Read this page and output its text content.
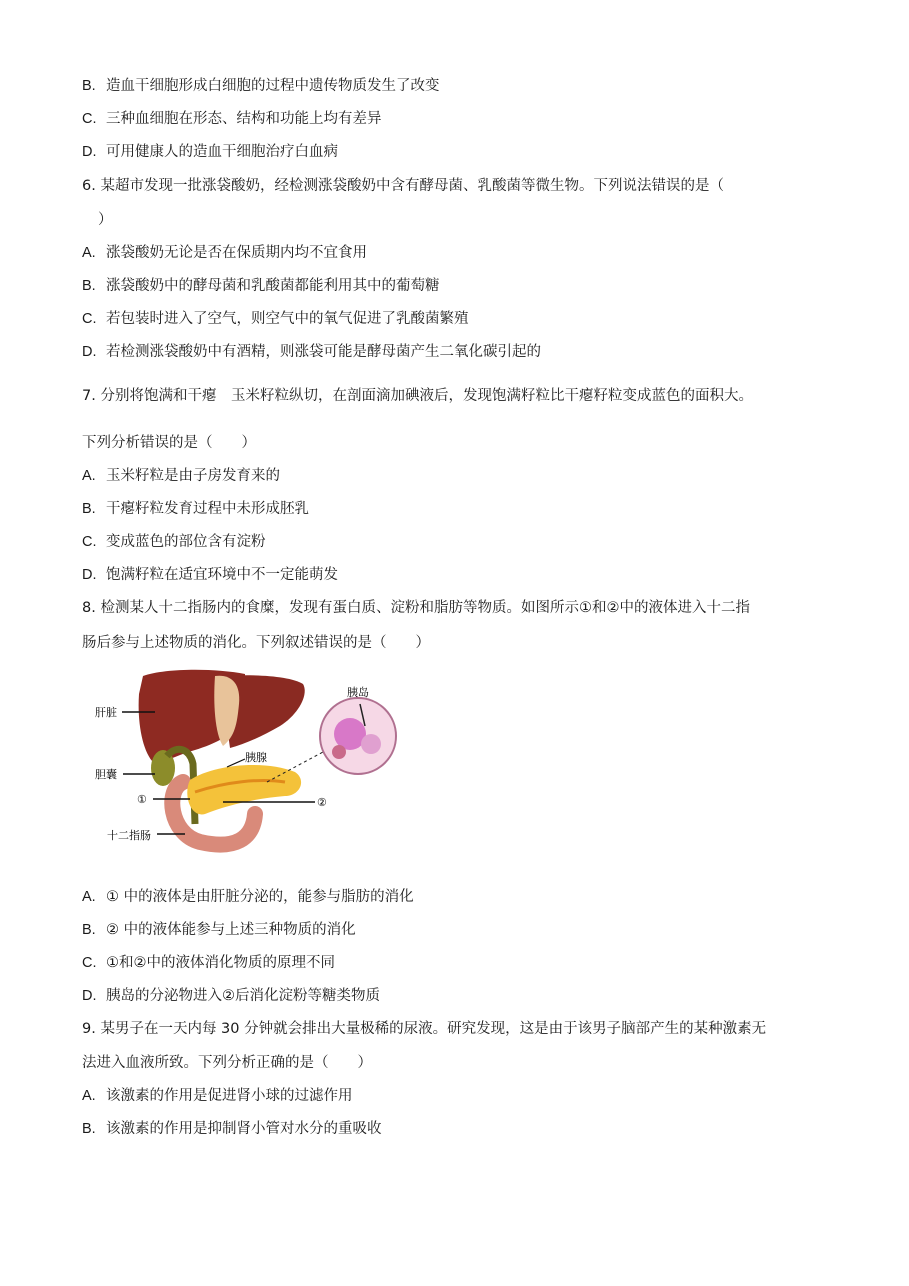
B. 造血干细胞形成白细胞的过程中遗传物质发生了改变
C. 三种血细胞在形态、结构和功能上均有差异
D. 可用健康人的造血干细胞治疗白血病
6. 某超市发现一批涨袋酸奶，经检测涨袋酸奶中含有酵母菌、乳酸菌等微生物。下列说法错误的是（
）
A. 涨袋酸奶无论是否在保质期内均不宜食用
B. 涨袋酸奶中的酵母菌和乳酸菌都能利用其中的葡萄糖
C. 若包装时进入了空气，则空气中的氧气促进了乳酸菌繁殖
D. 若检测涨袋酸奶中有酒精，则涨袋可能是酵母菌产生二氧化碳引起的
7. 分别将饱满和干瘪　玉米籽粒纵切，在剖面滴加碘液后，发现饱满籽粒比干瘪籽粒变成蓝色的面积大。
下列分析错误的是（　　）
A. 玉米籽粒是由子房发育来的
B. 干瘪籽粒发育过程中未形成胚乳
C. 变成蓝色的部位含有淀粉
D. 饱满籽粒在适宜环境中不一定能萌发
8. 检测某人十二指肠内的食糜，发现有蛋白质、淀粉和脂肪等物质。如图所示①和②中的液体进入十二指
肠后参与上述物质的消化。下列叙述错误的是（　　）
肝脏
胆囊
①	②
十二指肠
胰腺
胰岛
A. ① 中的液体是由肝脏分泌的，能参与脂肪的消化
B. ② 中的液体能参与上述三种物质的消化
C. ①和②中的液体消化物质的原理不同
D. 胰岛的分泌物进入②后消化淀粉等糖类物质
9. 某男子在一天内每 30 分钟就会排出大量极稀的尿液。研究发现，这是由于该男子脑部产生的某种激素无
法进入血液所致。下列分析正确的是（　　）
A. 该激素的作用是促进肾小球的过滤作用
B. 该激素的作用是抑制肾小管对水分的重吸收
